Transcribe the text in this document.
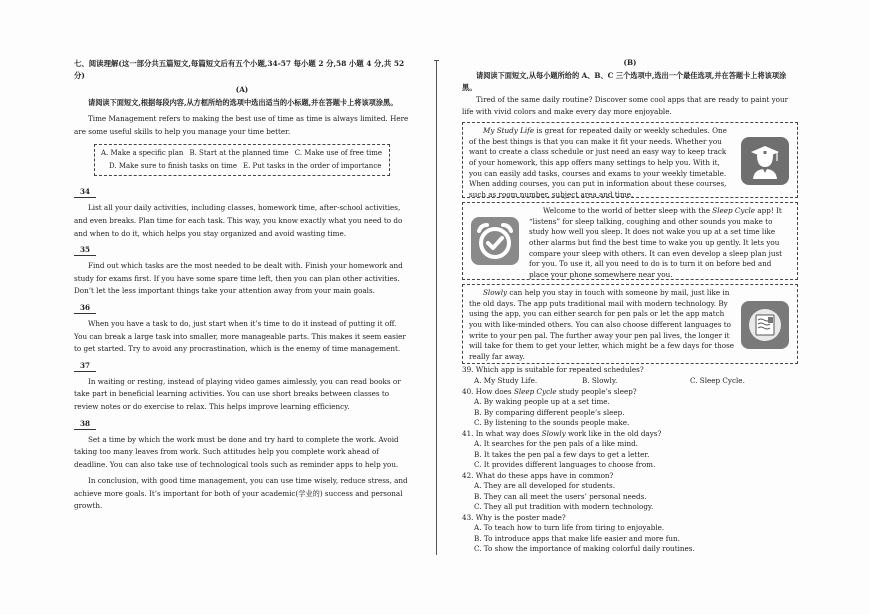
七、阅读理解(这一部分共五篇短文,每篇短文后有五个小题,34-57 每小题 2 分,58 小题 4 分,共 52 分)
(A)
请阅读下面短文,根据每段内容,从方框所给的选项中选出适当的小标题,并在答题卡上将该项涂黑。
Time Management refers to making the best use of time as time is always limited. Here are some useful skills to help you manage your time better.
A. Make a specific plan B. Start at the planned time C. Make use of free time
D. Make sure to finish tasks on time E. Put tasks in the order of importance
34
List all your daily activities, including classes, homework time, after-school activities, and even breaks. Plan time for each task. This way, you know exactly what you need to do and when to do it, which helps you stay organized and avoid wasting time.
35
Find out which tasks are the most needed to be dealt with. Finish your homework and study for exams first. If you have some spare time left, then you can plan other activities. Don’t let the less important things take your attention away from your main goals.
36
When you have a task to do, just start when it’s time to do it instead of putting it off. You can break a large task into smaller, more manageable parts. This makes it seem easier to get started. Try to avoid any procrastination, which is the enemy of time management.
37
In waiting or resting, instead of playing video games aimlessly, you can read books or take part in beneficial learning activities. You can use short breaks between classes to review notes or do exercise to relax. This helps improve learning efficiency.
38
Set a time by which the work must be done and try hard to complete the work. Avoid taking too many leaves from work. Such attitudes help you complete work ahead of deadline. You can also take use of technological tools such as reminder apps to help you.
In conclusion, with good time management, you can use time wisely, reduce stress, and achieve more goals. It’s important for both of your academic(学业的) success and personal growth.
(B)
请阅读下面短文,从每小题所给的 A、B、C 三个选项中,选出一个最佳选项,并在答题卡上将该项涂黑。
Tired of the same daily routine? Discover some cool apps that are ready to paint your life with vivid colors and make every day more enjoyable.
My Study Life is great for repeated daily or weekly schedules. One of the best things is that you can make it fit your needs. Whether you want to create a class schedule or just need an easy way to keep track of your homework, this app offers many settings to help you. With it, you can easily add tasks, courses and exams to your weekly timetable. When adding courses, you can put in information about these courses, such as room number, subject area and time.
Welcome to the world of better sleep with the Sleep Cycle app! It “listens” for sleep talking, coughing and other sounds you make to study how well you sleep. It does not wake you up at a set time like other alarms but find the best time to wake you up gently. It lets you compare your sleep with others. It can even develop a sleep plan just for you. To use it, all you need to do is to turn it on before bed and place your phone somewhere near you.
Slowly can help you stay in touch with someone by mail, just like in the old days. The app puts traditional mail with modern technology. By using the app, you can either search for pen pals or let the app match you with like-minded others. You can also choose different languages to write to your pen pal. The further away your pen pal lives, the longer it will take for them to get your letter, which might be a few days for those really far away.
39. Which app is suitable for repeated schedules?
A. My Study Life.	B. Slowly.	C. Sleep Cycle.
40. How does Sleep Cycle study people’s sleep?
A. By waking people up at a set time.
B. By comparing different people’s sleep.
C. By listening to the sounds people make.
41. In what way does Slowly work like in the old days?
A. It searches for the pen pals of a like mind.
B. It takes the pen pal a few days to get a letter.
C. It provides different languages to choose from.
42. What do these apps have in common?
A. They are all developed for students.
B. They can all meet the users’ personal needs.
C. They all put tradition with modern technology.
43. Why is the poster made?
A. To teach how to turn life from tiring to enjoyable.
B. To introduce apps that make life easier and more fun.
C. To show the importance of making colorful daily routines.
